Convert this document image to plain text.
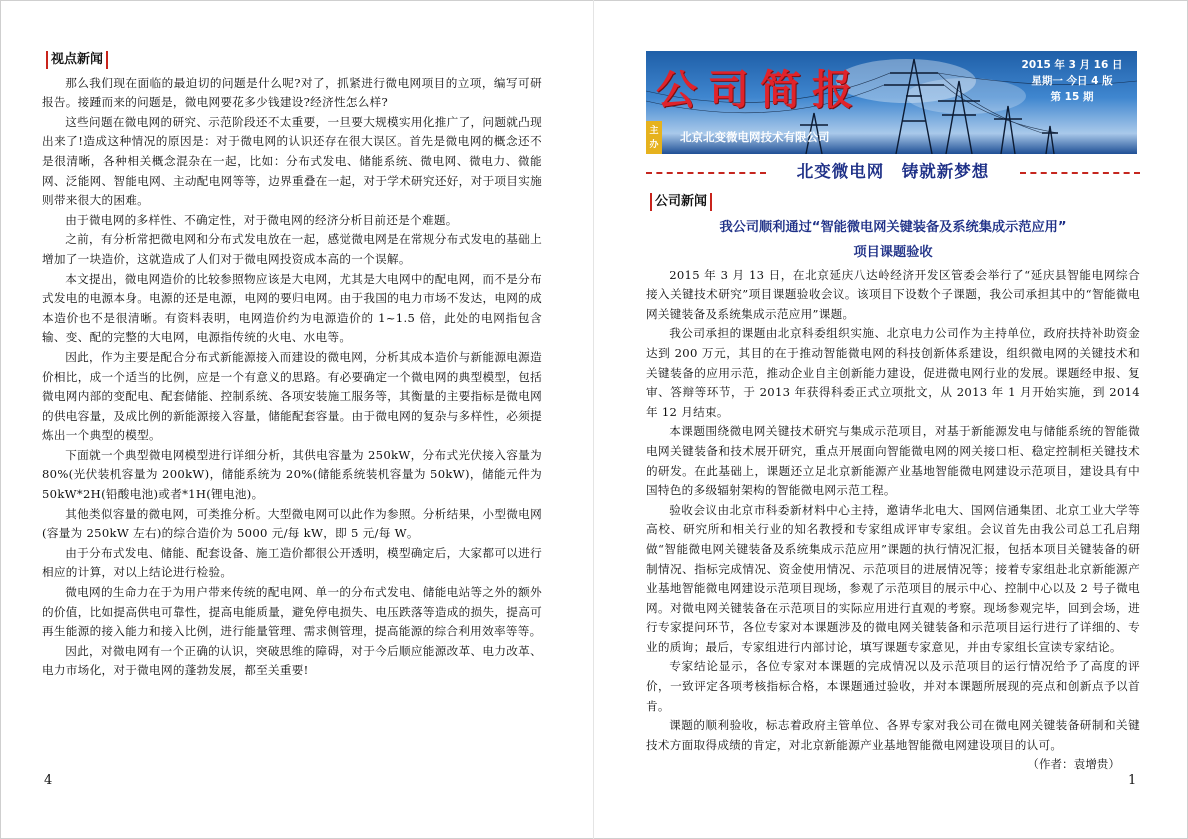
视点新闻

那么我们现在面临的最迫切的问题是什么呢?对了，抓紧进行微电网项目的立项，编写可研报告。接踵而来的问题是，微电网要花多少钱建设?经济性怎么样?

这些问题在微电网的研究、示范阶段还不太重要，一旦要大规模实用化推广了，问题就凸现出来了!造成这种情况的原因是：对于微电网的认识还存在很大误区。首先是微电网的概念还不是很清晰，各种相关概念混杂在一起，比如：分布式发电、储能系统、微电网、微电力、微能网、泛能网、智能电网、主动配电网等等，边界重叠在一起，对于学术研究还好，对于项目实施则带来很大的困难。

由于微电网的多样性、不确定性，对于微电网的经济分析目前还是个难题。

之前，有分析常把微电网和分布式发电放在一起，感觉微电网是在常规分布式发电的基础上增加了一块造价，这就造成了人们对于微电网投资成本高的一个误解。

本文提出，微电网造价的比较参照物应该是大电网，尤其是大电网中的配电网，而不是分布式发电的电源本身。电源的还是电源，电网的要归电网。由于我国的电力市场不发达，电网的成本造价也不是很清晰。有资料表明，电网造价约为电源造价的 1~1.5 倍，此处的电网指包含输、变、配的完整的大电网，电源指传统的火电、水电等。

因此，作为主要是配合分布式新能源接入而建设的微电网，分析其成本造价与新能源电源造价相比，成一个适当的比例，应是一个有意义的思路。有必要确定一个微电网的典型模型，包括微电网内部的变配电、配套储能、控制系统、各项安装施工服务等，其衡量的主要指标是微电网的供电容量，及成比例的新能源接入容量，储能配套容量。由于微电网的复杂与多样性，必须提炼出一个典型的模型。

下面就一个典型微电网模型进行详细分析，其供电容量为 250kW，分布式光伏接入容量为 80%(光伏装机容量为 200kW)，储能系统为 20%(储能系统装机容量为 50kW)，储能元件为 50kW*2H(铅酸电池)或者*1H(锂电池)。

其他类似容量的微电网，可类推分析。大型微电网可以此作为参照。分析结果，小型微电网(容量为 250kW 左右)的综合造价为 5000 元/每 kW，即 5 元/每 W。

由于分布式发电、储能、配套设备、施工造价都很公开透明，模型确定后，大家都可以进行相应的计算，对以上结论进行检验。

微电网的生命力在于为用户带来传统的配电网、单一的分布式发电、储能电站等之外的额外的价值，比如提高供电可靠性，提高电能质量，避免停电损失、电压跌落等造成的损失，提高可再生能源的接入能力和接入比例，进行能量管理、需求侧管理，提高能源的综合利用效率等等。

因此，对微电网有一个正确的认识，突破思维的障碍，对于今后顺应能源改革、电力改革、电力市场化，对于微电网的蓬勃发展，都至关重要!

4
公司简报
2015 年 3 月 16 日
星期一 今日 4 版
第 15 期
主办
北京北变微电网技术有限公司
北变微电网　铸就新梦想
公司新闻
我公司顺利通过“智能微电网关键装备及系统集成示范应用”
项目课题验收

2015 年 3 月 13 日，在北京延庆八达岭经济开发区管委会举行了“延庆县智能电网综合接入关键技术研究”项目课题验收会议。该项目下设数个子课题，我公司承担其中的“智能微电网关键装备及系统集成示范应用”课题。

我公司承担的课题由北京科委组织实施、北京电力公司作为主持单位，政府扶持补助资金达到 200 万元，其目的在于推动智能微电网的科技创新体系建设，组织微电网的关键技术和关键装备的应用示范，推动企业自主创新能力建设，促进微电网行业的发展。课题经申报、复审、答辩等环节，于 2013 年获得科委正式立项批文，从 2013 年 1 月开始实施，到 2014 年 12 月结束。

本课题围绕微电网关键技术研究与集成示范项目，对基于新能源发电与储能系统的智能微电网关键装备和技术展开研究，重点开展面向智能微电网的网关接口柜、稳定控制柜关键技术的研发。在此基础上，课题还立足北京新能源产业基地智能微电网建设示范项目，建设具有中国特色的多级辐射架构的智能微电网示范工程。

验收会议由北京市科委新材料中心主持，邀请华北电大、国网信通集团、北京工业大学等高校、研究所和相关行业的知名教授和专家组成评审专家组。会议首先由我公司总工孔启翔做“智能微电网关键装备及系统集成示范应用”课题的执行情况汇报，包括本项目关键装备的研制情况、指标完成情况、资金使用情况、示范项目的进展情况等；接着专家组赴北京新能源产业基地智能微电网建设示范项目现场，参观了示范项目的展示中心、控制中心以及 2 号子微电网。对微电网关键装备在示范项目的实际应用进行直观的考察。现场参观完毕，回到会场，进行专家提问环节，各位专家对本课题涉及的微电网关键装备和示范项目运行进行了详细的、专业的质询；最后，专家组进行内部讨论，填写课题专家意见，并由专家组长宣读专家结论。

专家结论显示，各位专家对本课题的完成情况以及示范项目的运行情况给予了高度的评价，一致评定各项考核指标合格，本课题通过验收，并对本课题所展现的亮点和创新点予以首肯。

课题的顺利验收，标志着政府主管单位、各界专家对我公司在微电网关键装备研制和关键技术方面取得成绩的肯定，对北京新能源产业基地智能微电网建设项目的认可。

（作者：袁增贵）
1
